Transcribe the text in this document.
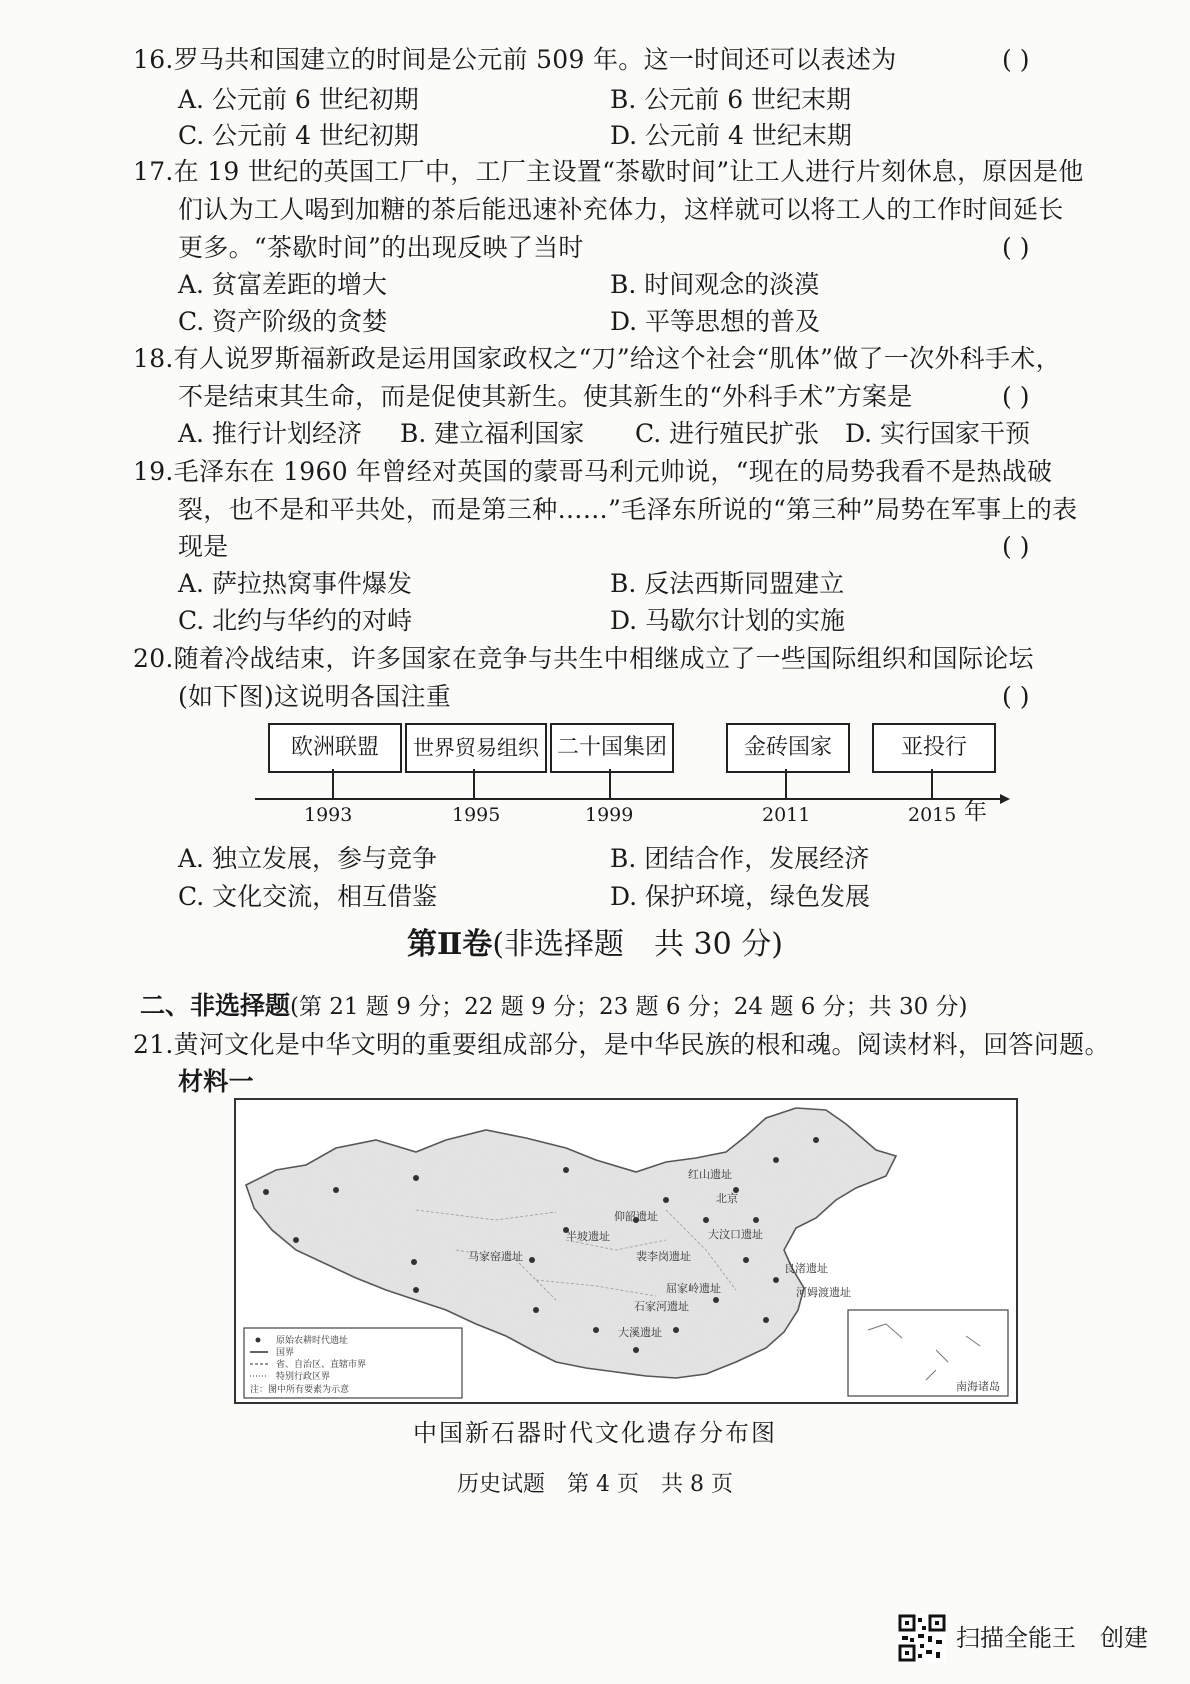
16.罗马共和国建立的时间是公元前 509 年。这一时间还可以表述为	( )
A. 公元前 6 世纪初期	B. 公元前 6 世纪末期
C. 公元前 4 世纪初期	D. 公元前 4 世纪末期
17.在 19 世纪的英国工厂中，工厂主设置“茶歇时间”让工人进行片刻休息，原因是他
们认为工人喝到加糖的茶后能迅速补充体力，这样就可以将工人的工作时间延长
更多。“茶歇时间”的出现反映了当时	( )
A. 贫富差距的增大	B. 时间观念的淡漠
C. 资产阶级的贪婪	D. 平等思想的普及
18.有人说罗斯福新政是运用国家政权之“刀”给这个社会“肌体”做了一次外科手术，
不是结束其生命，而是促使其新生。使其新生的“外科手术”方案是	( )
A. 推行计划经济 B. 建立福利国家 C. 进行殖民扩张 D. 实行国家干预
19.毛泽东在 1960 年曾经对英国的蒙哥马利元帅说，“现在的局势我看不是热战破
裂，也不是和平共处，而是第三种……”毛泽东所说的“第三种”局势在军事上的表
现是	( )
A. 萨拉热窝事件爆发	B. 反法西斯同盟建立
C. 北约与华约的对峙	D. 马歇尔计划的实施
20.随着冷战结束，许多国家在竞争与共生中相继成立了一些国际组织和国际论坛
(如下图)这说明各国注重	( )
欧洲联盟	世界贸易组织 二十国集团	金砖国家	亚投行
1993	1995	1999	2011	2015 年
A. 独立发展，参与竞争	B. 团结合作，发展经济
C. 文化交流，相互借鉴	D. 保护环境，绿色发展
第Ⅱ卷(非选择题　共 30 分)
二、非选择题(第 21 题 9 分；22 题 9 分；23 题 6 分；24 题 6 分；共 30 分)
21.黄河文化是中华文明的重要组成部分，是中华民族的根和魂。阅读材料，回答问题。
材料一
红山遗址
北京
半坡遗址
河姆渡遗址
良渚遗址
大汶口遗址
仰韶遗址
裴李岗遗址
屈家岭遗址
马家窑遗址
石家河遗址
大溪遗址
南海诸岛
原始农耕时代遗址
国界
省、自治区、直辖市界
特别行政区界
注：图中所有要素为示意
中国新石器时代文化遗存分布图
历史试题　第 4 页　共 8 页
扫描全能王　创建
